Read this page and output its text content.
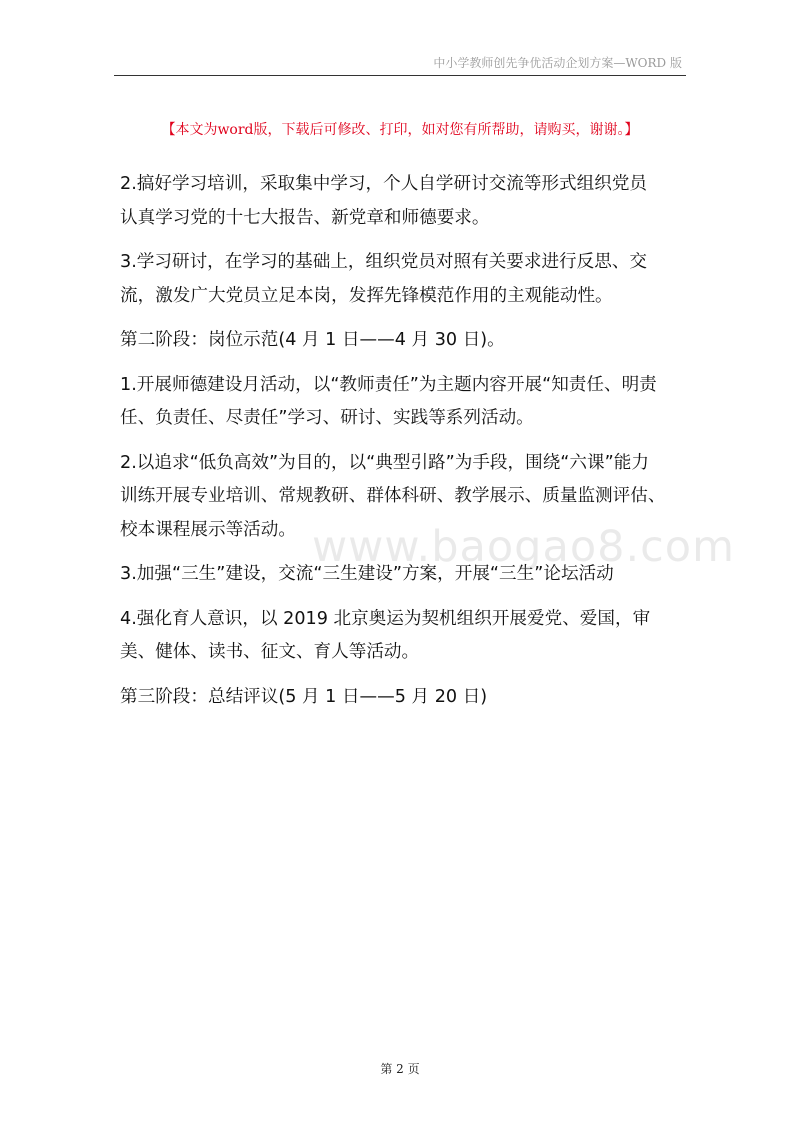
中小学教师创先争优活动企划方案—WORD 版
【本文为word版，下载后可修改、打印，如对您有所帮助，请购买，谢谢。】

2.搞好学习培训，采取集中学习，个人自学研讨交流等形式组织党员
认真学习党的十七大报告、新党章和师德要求。

3.学习研讨，在学习的基础上，组织党员对照有关要求进行反思、交
流，激发广大党员立足本岗，发挥先锋模范作用的主观能动性。

第二阶段：岗位示范(4 月 1 日——4 月 30 日)。

1.开展师德建设月活动，以“教师责任”为主题内容开展“知责任、明责
任、负责任、尽责任”学习、研讨、实践等系列活动。

2.以追求“低负高效”为目的，以“典型引路”为手段，围绕“六课”能力
训练开展专业培训、常规教研、群体科研、教学展示、质量监测评估、
校本课程展示等活动。

3.加强“三生”建设，交流“三生建设”方案，开展“三生”论坛活动

4.强化育人意识，以 2019 北京奥运为契机组织开展爱党、爱国，审
美、健体、读书、征文、育人等活动。

第三阶段：总结评议(5 月 1 日——5 月 20 日)

www.baogao8.com
第 2 页
